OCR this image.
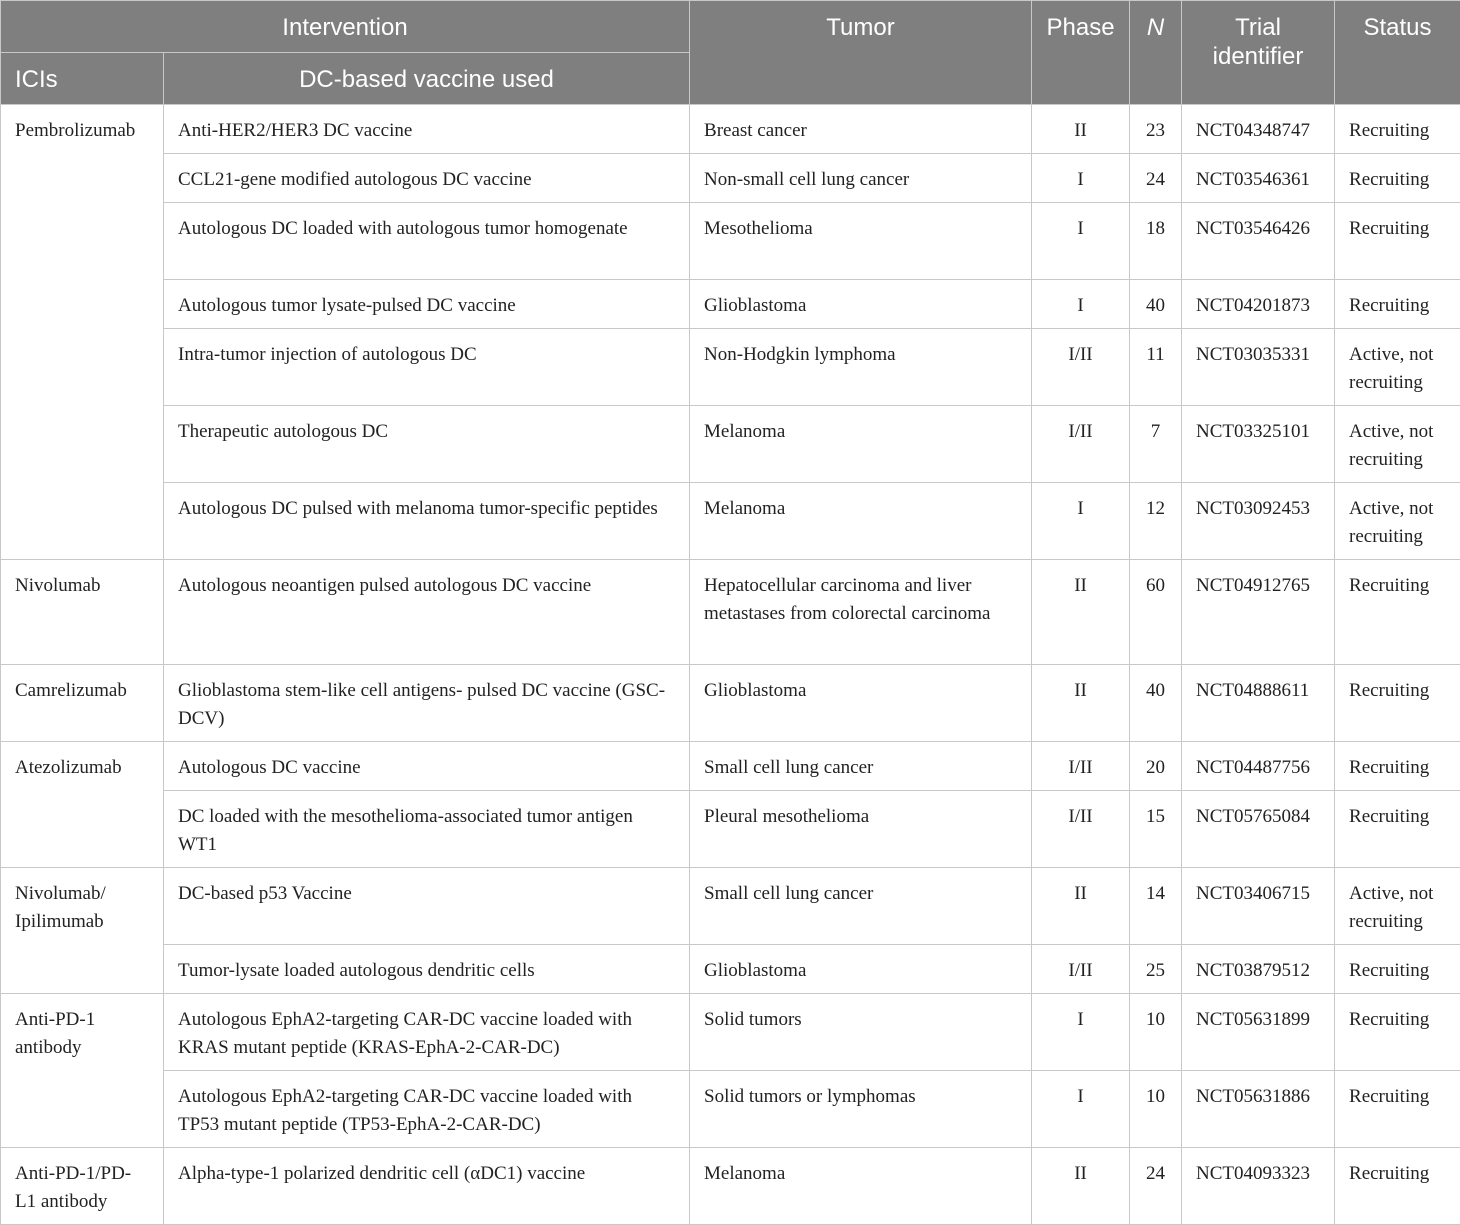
Intervention		Tumor	Phase	N	Trial identifier	Status
ICIs	DC-based vaccine used					
Pembrolizumab	Anti-HER2/HER3 DC vaccine	Breast cancer	II	23	NCT04348747	Recruiting
	CCL21-gene modified autologous DC vaccine	Non-small cell lung cancer	I	24	NCT03546361	Recruiting
	Autologous DC loaded with autologous tumor homogenate	Mesothelioma	I	18	NCT03546426	Recruiting
	Autologous tumor lysate-pulsed DC vaccine	Glioblastoma	I	40	NCT04201873	Recruiting
	Intra-tumor injection of autologous DC	Non-Hodgkin lymphoma	I/II	11	NCT03035331	Active, not recruiting
	Therapeutic autologous DC	Melanoma	I/II	7	NCT03325101	Active, not recruiting
	Autologous DC pulsed with melanoma tumor-specific peptides	Melanoma	I	12	NCT03092453	Active, not recruiting
Nivolumab	Autologous neoantigen pulsed autologous DC vaccine	Hepatocellular carcinoma and liver metastases from colorectal carcinoma	II	60	NCT04912765	Recruiting
Camrelizumab	Glioblastoma stem-like cell antigens- pulsed DC vaccine (GSC-DCV)	Glioblastoma	II	40	NCT04888611	Recruiting
Atezolizumab	Autologous DC vaccine	Small cell lung cancer	I/II	20	NCT04487756	Recruiting
	DC loaded with the mesothelioma-associated tumor antigen WT1	Pleural mesothelioma	I/II	15	NCT05765084	Recruiting
Nivolumab/ Ipilimumab	DC-based p53 Vaccine	Small cell lung cancer	II	14	NCT03406715	Active, not recruiting
	Tumor-lysate loaded autologous dendritic cells	Glioblastoma	I/II	25	NCT03879512	Recruiting
Anti-PD-1 antibody	Autologous EphA2-targeting CAR-DC vaccine loaded with KRAS mutant peptide (KRAS-EphA-2-CAR-DC)	Solid tumors	I	10	NCT05631899	Recruiting
	Autologous EphA2-targeting CAR-DC vaccine loaded with TP53 mutant peptide (TP53-EphA-2-CAR-DC)	Solid tumors or lymphomas	I	10	NCT05631886	Recruiting
Anti-PD-1/PD-L1 antibody	Alpha-type-1 polarized dendritic cell (αDC1) vaccine	Melanoma	II	24	NCT04093323	Recruiting
